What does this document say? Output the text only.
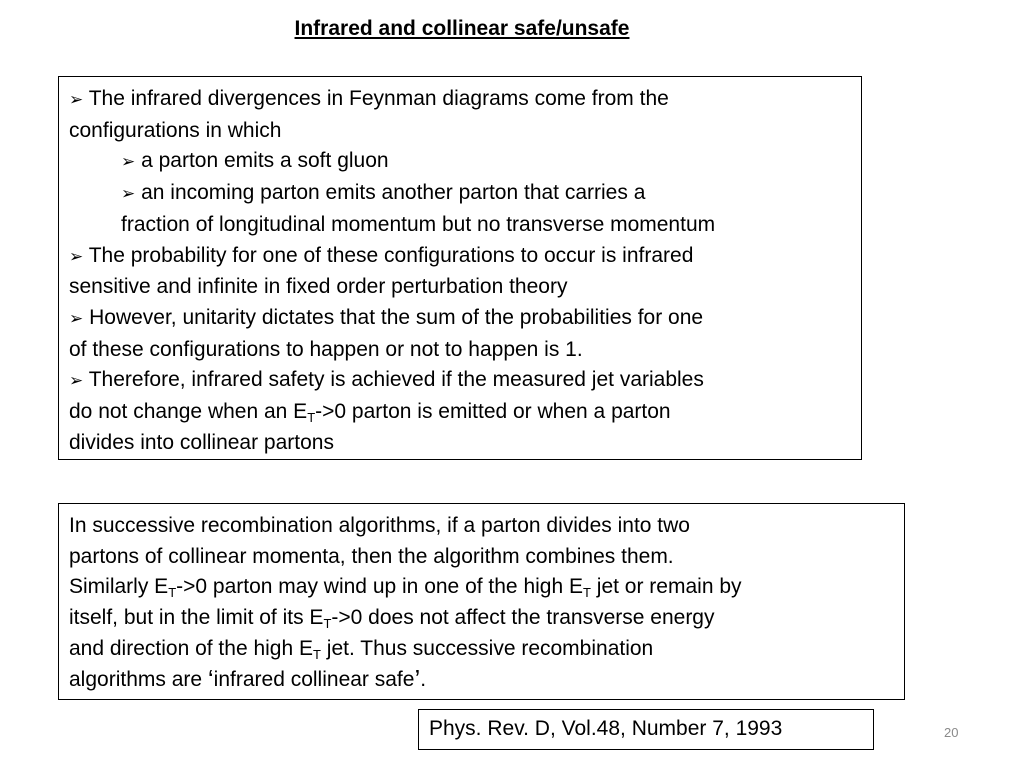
Infrared and collinear safe/unsafe
➢ The infrared divergences in Feynman diagrams come from the
configurations in which
➢ a parton emits a soft gluon
➢ an incoming parton emits another parton that carries a
fraction of longitudinal momentum but no transverse momentum
➢ The probability for one of these configurations to occur is infrared
sensitive and infinite in fixed order perturbation theory
➢ However, unitarity dictates that the sum of the probabilities for one
of these configurations to happen or not to happen is 1.
➢ Therefore, infrared safety is achieved if the measured jet variables
do not change when an $E_T->0$ parton is emitted or when a parton
divides into collinear partons
In successive recombination algorithms, if a parton divides into two
partons of collinear momenta, then the algorithm combines them.
Similarly $E_T->0$ parton may wind up in one of the high $E_T$ jet or remain by
itself, but in the limit of its $E_T->0$ does not affect the transverse energy
and direction of the high $E_T$ jet. Thus successive recombination
algorithms are ‘infrared collinear safe’.
Phys. Rev. D, Vol.48, Number 7, 1993	20
